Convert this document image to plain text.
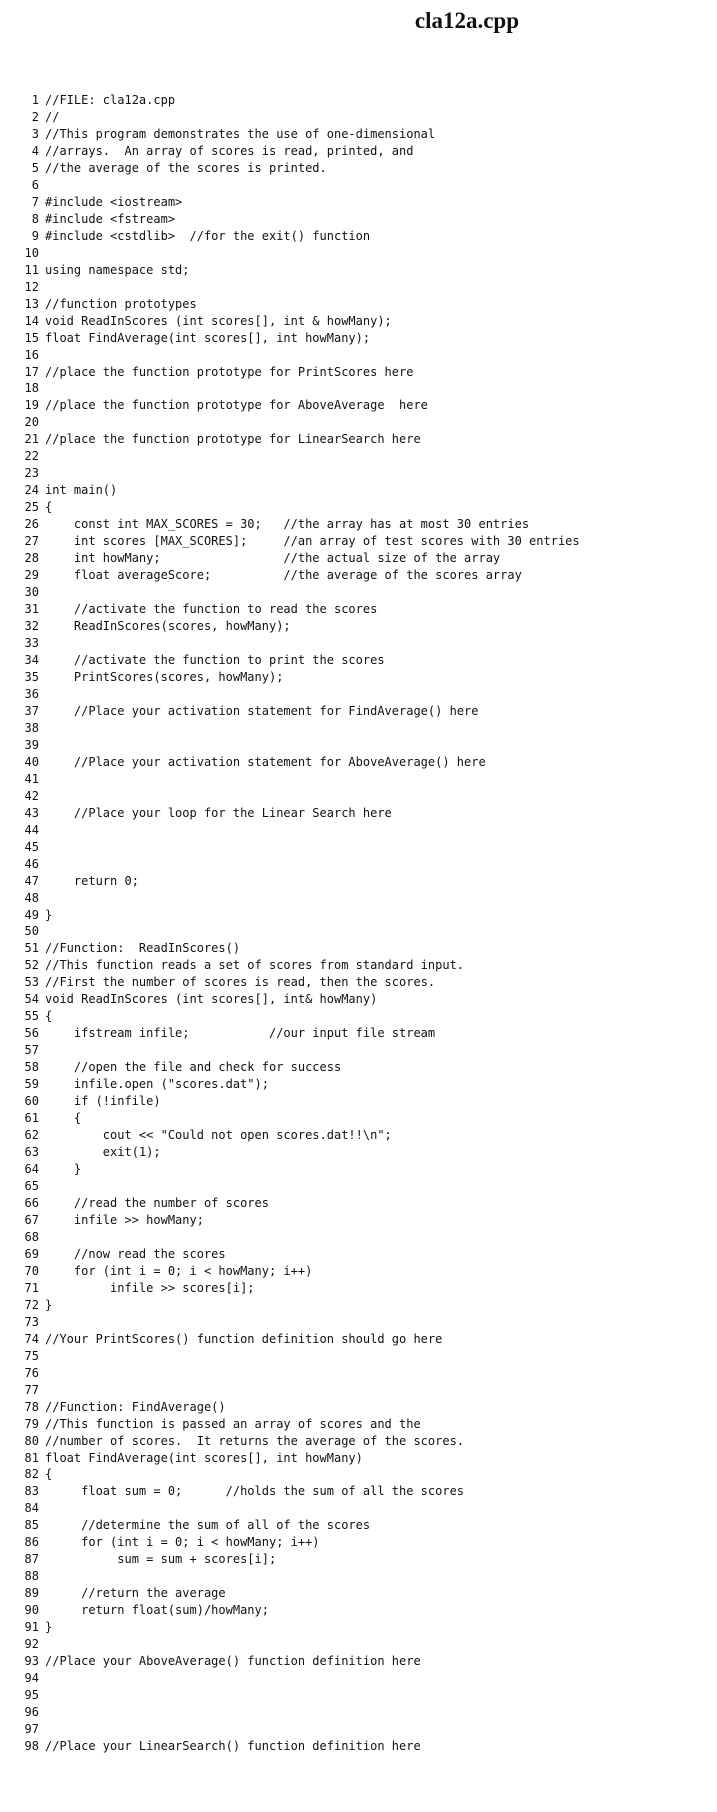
cla12a.cpp
1 //FILE: cla12a.cpp
2 //
3 //This program demonstrates the use of one-dimensional
4 //arrays.  An array of scores is read, printed, and
5 //the average of the scores is printed.
6
7 #include <iostream>
8 #include <fstream>
9 #include <cstdlib>  //for the exit() function
10
11 using namespace std;
12
13 //function prototypes
14 void ReadInScores (int scores[], int & howMany);
15 float FindAverage(int scores[], int howMany);
16
17 //place the function prototype for PrintScores here
18
19 //place the function prototype for AboveAverage  here
20
21 //place the function prototype for LinearSearch here
22
23
24 int main()
25 {
26 const int MAX_SCORES = 30;   //the array has at most 30 entries
27 int scores [MAX_SCORES];     //an array of test scores with 30 entries
28 int howMany;                 //the actual size of the array
29 float averageScore;          //the average of the scores array
30
31 //activate the function to read the scores
32 ReadInScores(scores, howMany);
33
34 //activate the function to print the scores
35 PrintScores(scores, howMany);
36
37 //Place your activation statement for FindAverage() here
38
39
40 //Place your activation statement for AboveAverage() here
41
42
43 //Place your loop for the Linear Search here
44
45
46
47 return 0;
48
49 }
50
51 //Function:  ReadInScores()
52 //This function reads a set of scores from standard input.
53 //First the number of scores is read, then the scores.
54 void ReadInScores (int scores[], int& howMany)
55 {
56 ifstream infile;           //our input file stream
57
58 //open the file and check for success
59 infile.open ("scores.dat");
60 if (!infile)
61 {
62 cout << "Could not open scores.dat!!\n";
63 exit(1);
64 }
65
66 //read the number of scores
67 infile >> howMany;
68
69 //now read the scores
70 for (int i = 0; i < howMany; i++)
71 infile >> scores[i];
72 }
73
74 //Your PrintScores() function definition should go here
75
76
77
78 //Function: FindAverage()
79 //This function is passed an array of scores and the
80 //number of scores.  It returns the average of the scores.
81 float FindAverage(int scores[], int howMany)
82 {
83 float sum = 0;      //holds the sum of all the scores
84
85 //determine the sum of all of the scores
86 for (int i = 0; i < howMany; i++)
87 sum = sum + scores[i];
88
89 //return the average
90 return float(sum)/howMany;
91 }
92
93 //Place your AboveAverage() function definition here
94
95
96
97
98 //Place your LinearSearch() function definition here
